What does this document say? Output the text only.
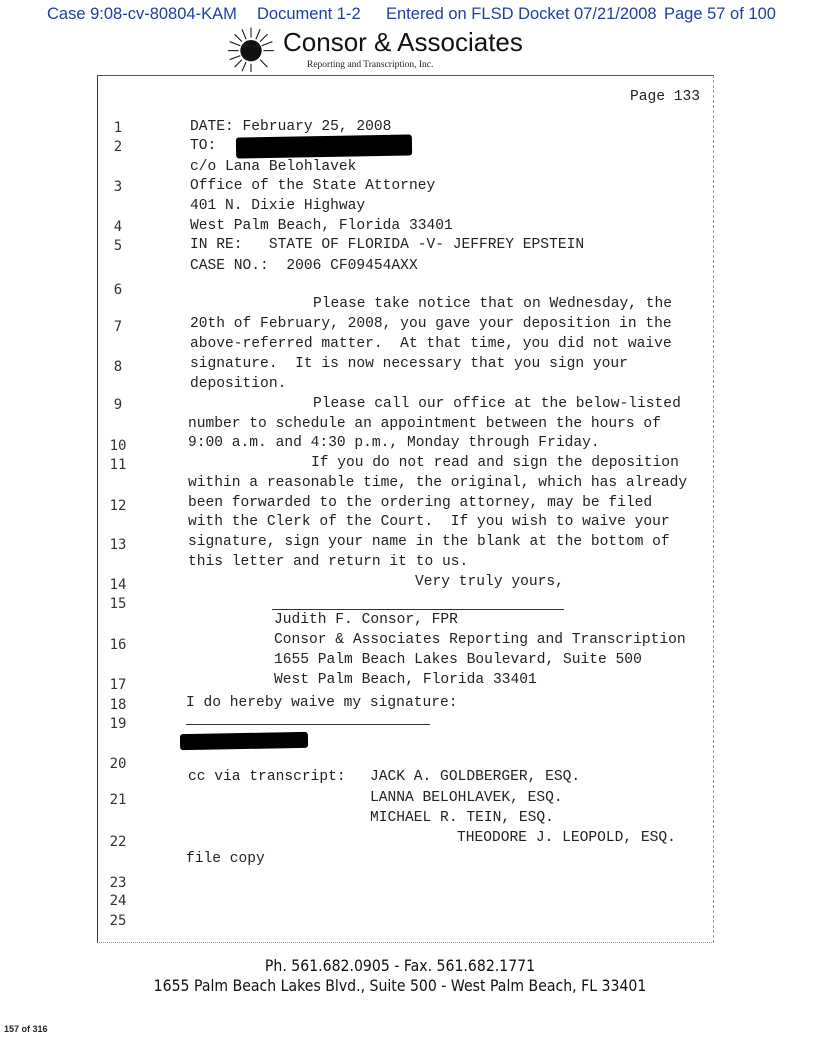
Case 9:08-cv-80804-KAM Document 1-2 Entered on FLSD Docket 07/21/2008 Page 57 of 100
Consor & Associates
Reporting and Transcription, Inc.
Page 133
1
2
3
4
5
6
7
8
9
10
11
12
13
14
15
16
17
18
19
20
21
22
23
24
25
DATE: February 25, 2008
TO:
c/o Lana Belohlavek
Office of the State Attorney
401 N. Dixie Highway
West Palm Beach, Florida 33401
IN RE:   STATE OF FLORIDA -V- JEFFREY EPSTEIN
CASE NO.:  2006 CF09454AXX
Please take notice that on Wednesday, the
20th of February, 2008, you gave your deposition in the
above-referred matter.  At that time, you did not waive
signature.  It is now necessary that you sign your
deposition.
Please call our office at the below-listed
number to schedule an appointment between the hours of
9:00 a.m. and 4:30 p.m., Monday through Friday.
If you do not read and sign the deposition
within a reasonable time, the original, which has already
been forwarded to the ordering attorney, may be filed
with the Clerk of the Court.  If you wish to waive your
signature, sign your name in the blank at the bottom of
this letter and return it to us.
Very truly yours,
Judith F. Consor, FPR
Consor & Associates Reporting and Transcription
1655 Palm Beach Lakes Boulevard, Suite 500
West Palm Beach, Florida 33401
I do hereby waive my signature:
cc via transcript: JACK A. GOLDBERGER, ESQ.
LANNA BELOHLAVEK, ESQ.
MICHAEL R. TEIN, ESQ.
THEODORE J. LEOPOLD, ESQ.
file copy
Ph. 561.682.0905 - Fax. 561.682.1771
1655 Palm Beach Lakes Blvd., Suite 500 - West Palm Beach, FL 33401
157 of 316
